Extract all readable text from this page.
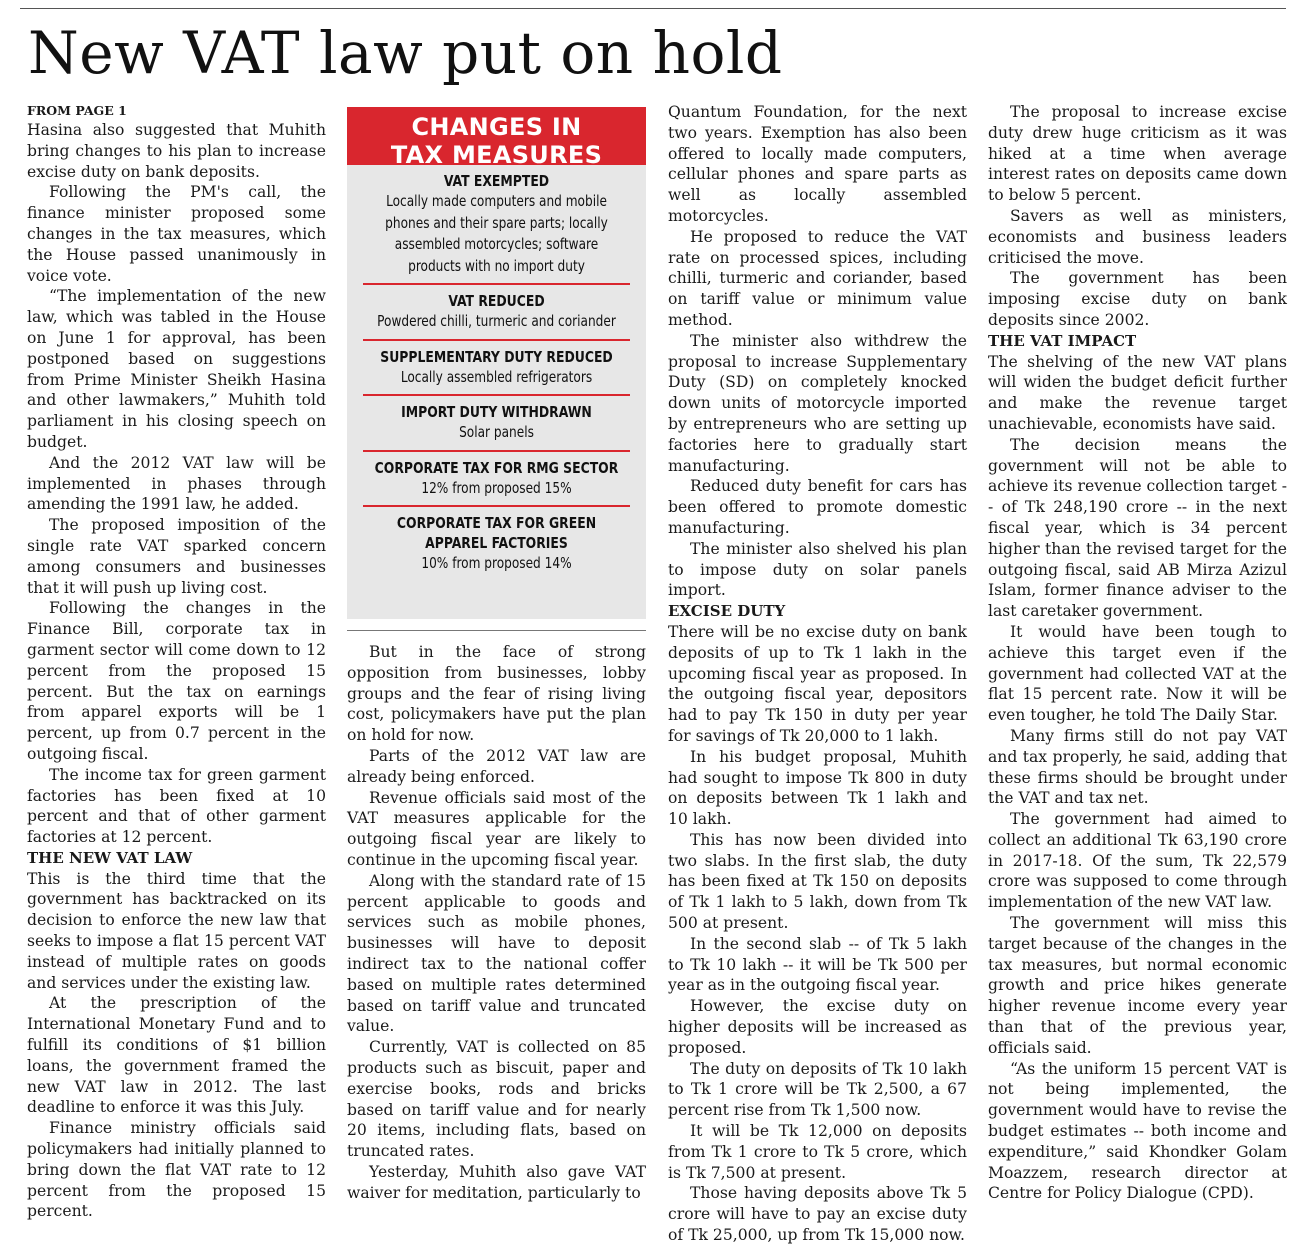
New VAT law put on hold

FROM PAGE 1

Hasina also suggested that Muhith bring changes to his plan to increase excise duty on bank deposits.

Following the PM's call, the finance minister proposed some changes in the tax measures, which the House passed unanimously in voice vote.

“The implementation of the new law, which was tabled in the House on June 1 for approval, has been postponed based on suggestions from Prime Minister Sheikh Hasina and other lawmakers,” Muhith told parliament in his closing speech on budget.

And the 2012 VAT law will be implemented in phases through amending the 1991 law, he added.

The proposed imposition of the single rate VAT sparked concern among consumers and businesses that it will push up living cost.

Following the changes in the Finance Bill, corporate tax in garment sector will come down to 12 percent from the proposed 15 percent. But the tax on earnings from apparel exports will be 1 percent, up from 0.7 percent in the outgoing fiscal.

The income tax for green garment factories has been fixed at 10 percent and that of other garment factories at 12 percent.

THE NEW VAT LAW

This is the third time that the government has backtracked on its decision to enforce the new law that seeks to impose a flat 15 percent VAT instead of multiple rates on goods and services under the existing law.

At the prescription of the International Monetary Fund and to fulfill its conditions of $1 billion loans, the government framed the new VAT law in 2012. The last deadline to enforce it was this July.

Finance ministry officials said policymakers had initially planned to bring down the flat VAT rate to 12 percent from the proposed 15 percent.

CHANGES IN
TAX MEASURES
VAT EXEMPTED
Locally made computers and mobile phones and their spare parts; locally assembled motorcycles; software products with no import duty
VAT REDUCED
Powdered chilli, turmeric and coriander
SUPPLEMENTARY DUTY REDUCED
Locally assembled refrigerators
IMPORT DUTY WITHDRAWN
Solar panels
CORPORATE TAX FOR RMG SECTOR
12% from proposed 15%
CORPORATE TAX FOR GREEN APPAREL FACTORIES
10% from proposed 14%

But in the face of strong opposition from businesses, lobby groups and the fear of rising living cost, policymakers have put the plan on hold for now.

Parts of the 2012 VAT law are already being enforced.

Revenue officials said most of the VAT measures applicable for the outgoing fiscal year are likely to continue in the upcoming fiscal year.

Along with the standard rate of 15 percent applicable to goods and services such as mobile phones, businesses will have to deposit indirect tax to the national coffer based on multiple rates determined based on tariff value and truncated value.

Currently, VAT is collected on 85 products such as biscuit, paper and exercise books, rods and bricks based on tariff value and for nearly 20 items, including flats, based on truncated rates.

Yesterday, Muhith also gave VAT waiver for meditation, particularly to

Quantum Foundation, for the next two years. Exemption has also been offered to locally made computers, cellular phones and spare parts as well as locally assembled motorcycles.

He proposed to reduce the VAT rate on processed spices, including chilli, turmeric and coriander, based on tariff value or minimum value method.

The minister also withdrew the proposal to increase Supplementary Duty (SD) on completely knocked down units of motorcycle imported by entrepreneurs who are setting up factories here to gradually start manufacturing.

Reduced duty benefit for cars has been offered to promote domestic manufacturing.

The minister also shelved his plan to impose duty on solar panels import.

EXCISE DUTY

There will be no excise duty on bank deposits of up to Tk 1 lakh in the upcoming fiscal year as proposed. In the outgoing fiscal year, depositors had to pay Tk 150 in duty per year for savings of Tk 20,000 to 1 lakh.

In his budget proposal, Muhith had sought to impose Tk 800 in duty on deposits between Tk 1 lakh and 10 lakh.

This has now been divided into two slabs. In the first slab, the duty has been fixed at Tk 150 on deposits of Tk 1 lakh to 5 lakh, down from Tk 500 at present.

In the second slab -- of Tk 5 lakh to Tk 10 lakh -- it will be Tk 500 per year as in the outgoing fiscal year.

However, the excise duty on higher deposits will be increased as proposed.

The duty on deposits of Tk 10 lakh to Tk 1 crore will be Tk 2,500, a 67 percent rise from Tk 1,500 now.

It will be Tk 12,000 on deposits from Tk 1 crore to Tk 5 crore, which is Tk 7,500 at present.

Those having deposits above Tk 5 crore will have to pay an excise duty of Tk 25,000, up from Tk 15,000 now.

The proposal to increase excise duty drew huge criticism as it was hiked at a time when average interest rates on deposits came down to below 5 percent.

Savers as well as ministers, economists and business leaders criticised the move.

The government has been imposing excise duty on bank deposits since 2002.

THE VAT IMPACT

The shelving of the new VAT plans will widen the budget deficit further and make the revenue target unachievable, economists have said.

The decision means the government will not be able to achieve its revenue collection target -- of Tk 248,190 crore -- in the next fiscal year, which is 34 percent higher than the revised target for the outgoing fiscal, said AB Mirza Azizul Islam, former finance adviser to the last caretaker government.

It would have been tough to achieve this target even if the government had collected VAT at the flat 15 percent rate. Now it will be even tougher, he told The Daily Star.

Many firms still do not pay VAT and tax properly, he said, adding that these firms should be brought under the VAT and tax net.

The government had aimed to collect an additional Tk 63,190 crore in 2017-18. Of the sum, Tk 22,579 crore was supposed to come through implementation of the new VAT law.

The government will miss this target because of the changes in the tax measures, but normal economic growth and price hikes generate higher revenue income every year than that of the previous year, officials said.

“As the uniform 15 percent VAT is not being implemented, the government would have to revise the budget estimates -- both income and expenditure,” said Khondker Golam Moazzem, research director at Centre for Policy Dialogue (CPD).
